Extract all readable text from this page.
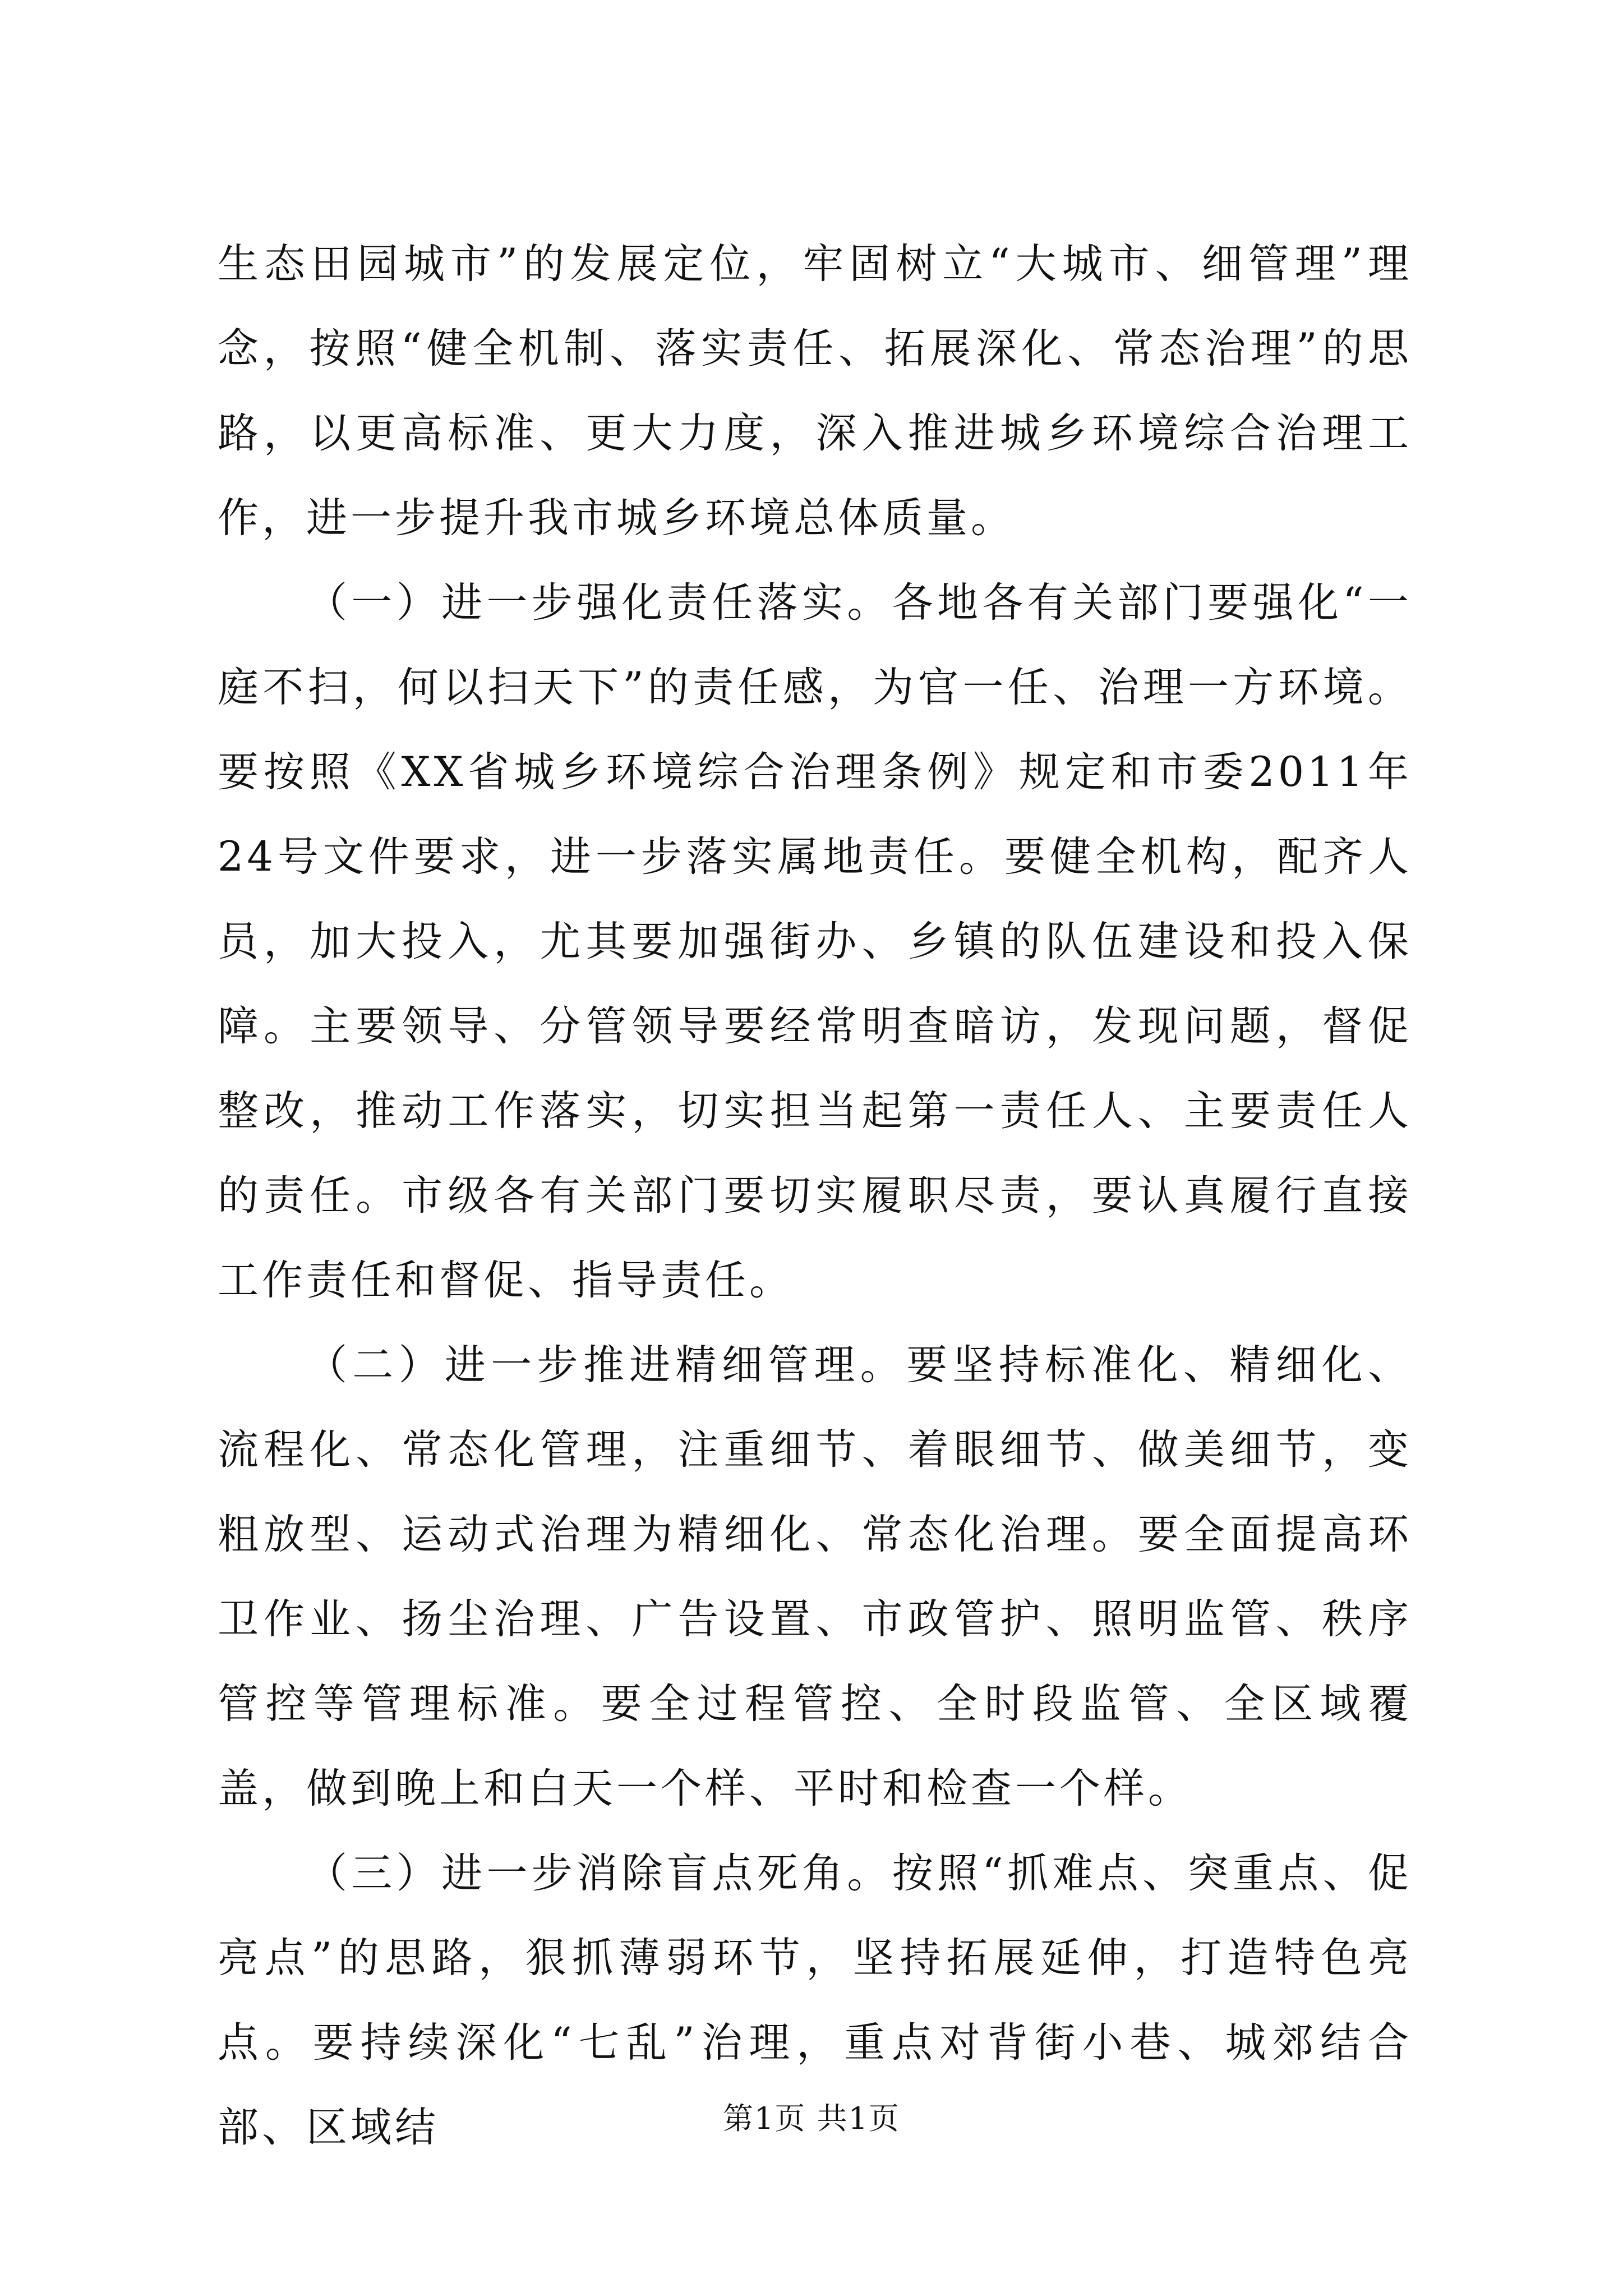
生态田园城市”的发展定位，牢固树立“大城市、细管理”理念，按照“健全机制、落实责任、拓展深化、常态治理”的思路，以更高标准、更大力度，深入推进城乡环境综合治理工作，进一步提升我市城乡环境总体质量。

（一）进一步强化责任落实。各地各有关部门要强化“一庭不扫，何以扫天下”的责任感，为官一任、治理一方环境。要按照《XX省城乡环境综合治理条例》规定和市委2011年24号文件要求，进一步落实属地责任。要健全机构，配齐人员，加大投入，尤其要加强街办、乡镇的队伍建设和投入保障。主要领导、分管领导要经常明查暗访，发现问题，督促整改，推动工作落实，切实担当起第一责任人、主要责任人的责任。市级各有关部门要切实履职尽责，要认真履行直接工作责任和督促、指导责任。

（二）进一步推进精细管理。要坚持标准化、精细化、流程化、常态化管理，注重细节、着眼细节、做美细节，变粗放型、运动式治理为精细化、常态化治理。要全面提高环卫作业、扬尘治理、广告设置、市政管护、照明监管、秩序管控等管理标准。要全过程管控、全时段监管、全区域覆盖，做到晚上和白天一个样、平时和检查一个样。

（三）进一步消除盲点死角。按照“抓难点、突重点、促亮点”的思路，狠抓薄弱环节，坚持拓展延伸，打造特色亮点。要持续深化“七乱”治理，重点对背街小巷、城郊结合部、区域结	第1页 共1页
